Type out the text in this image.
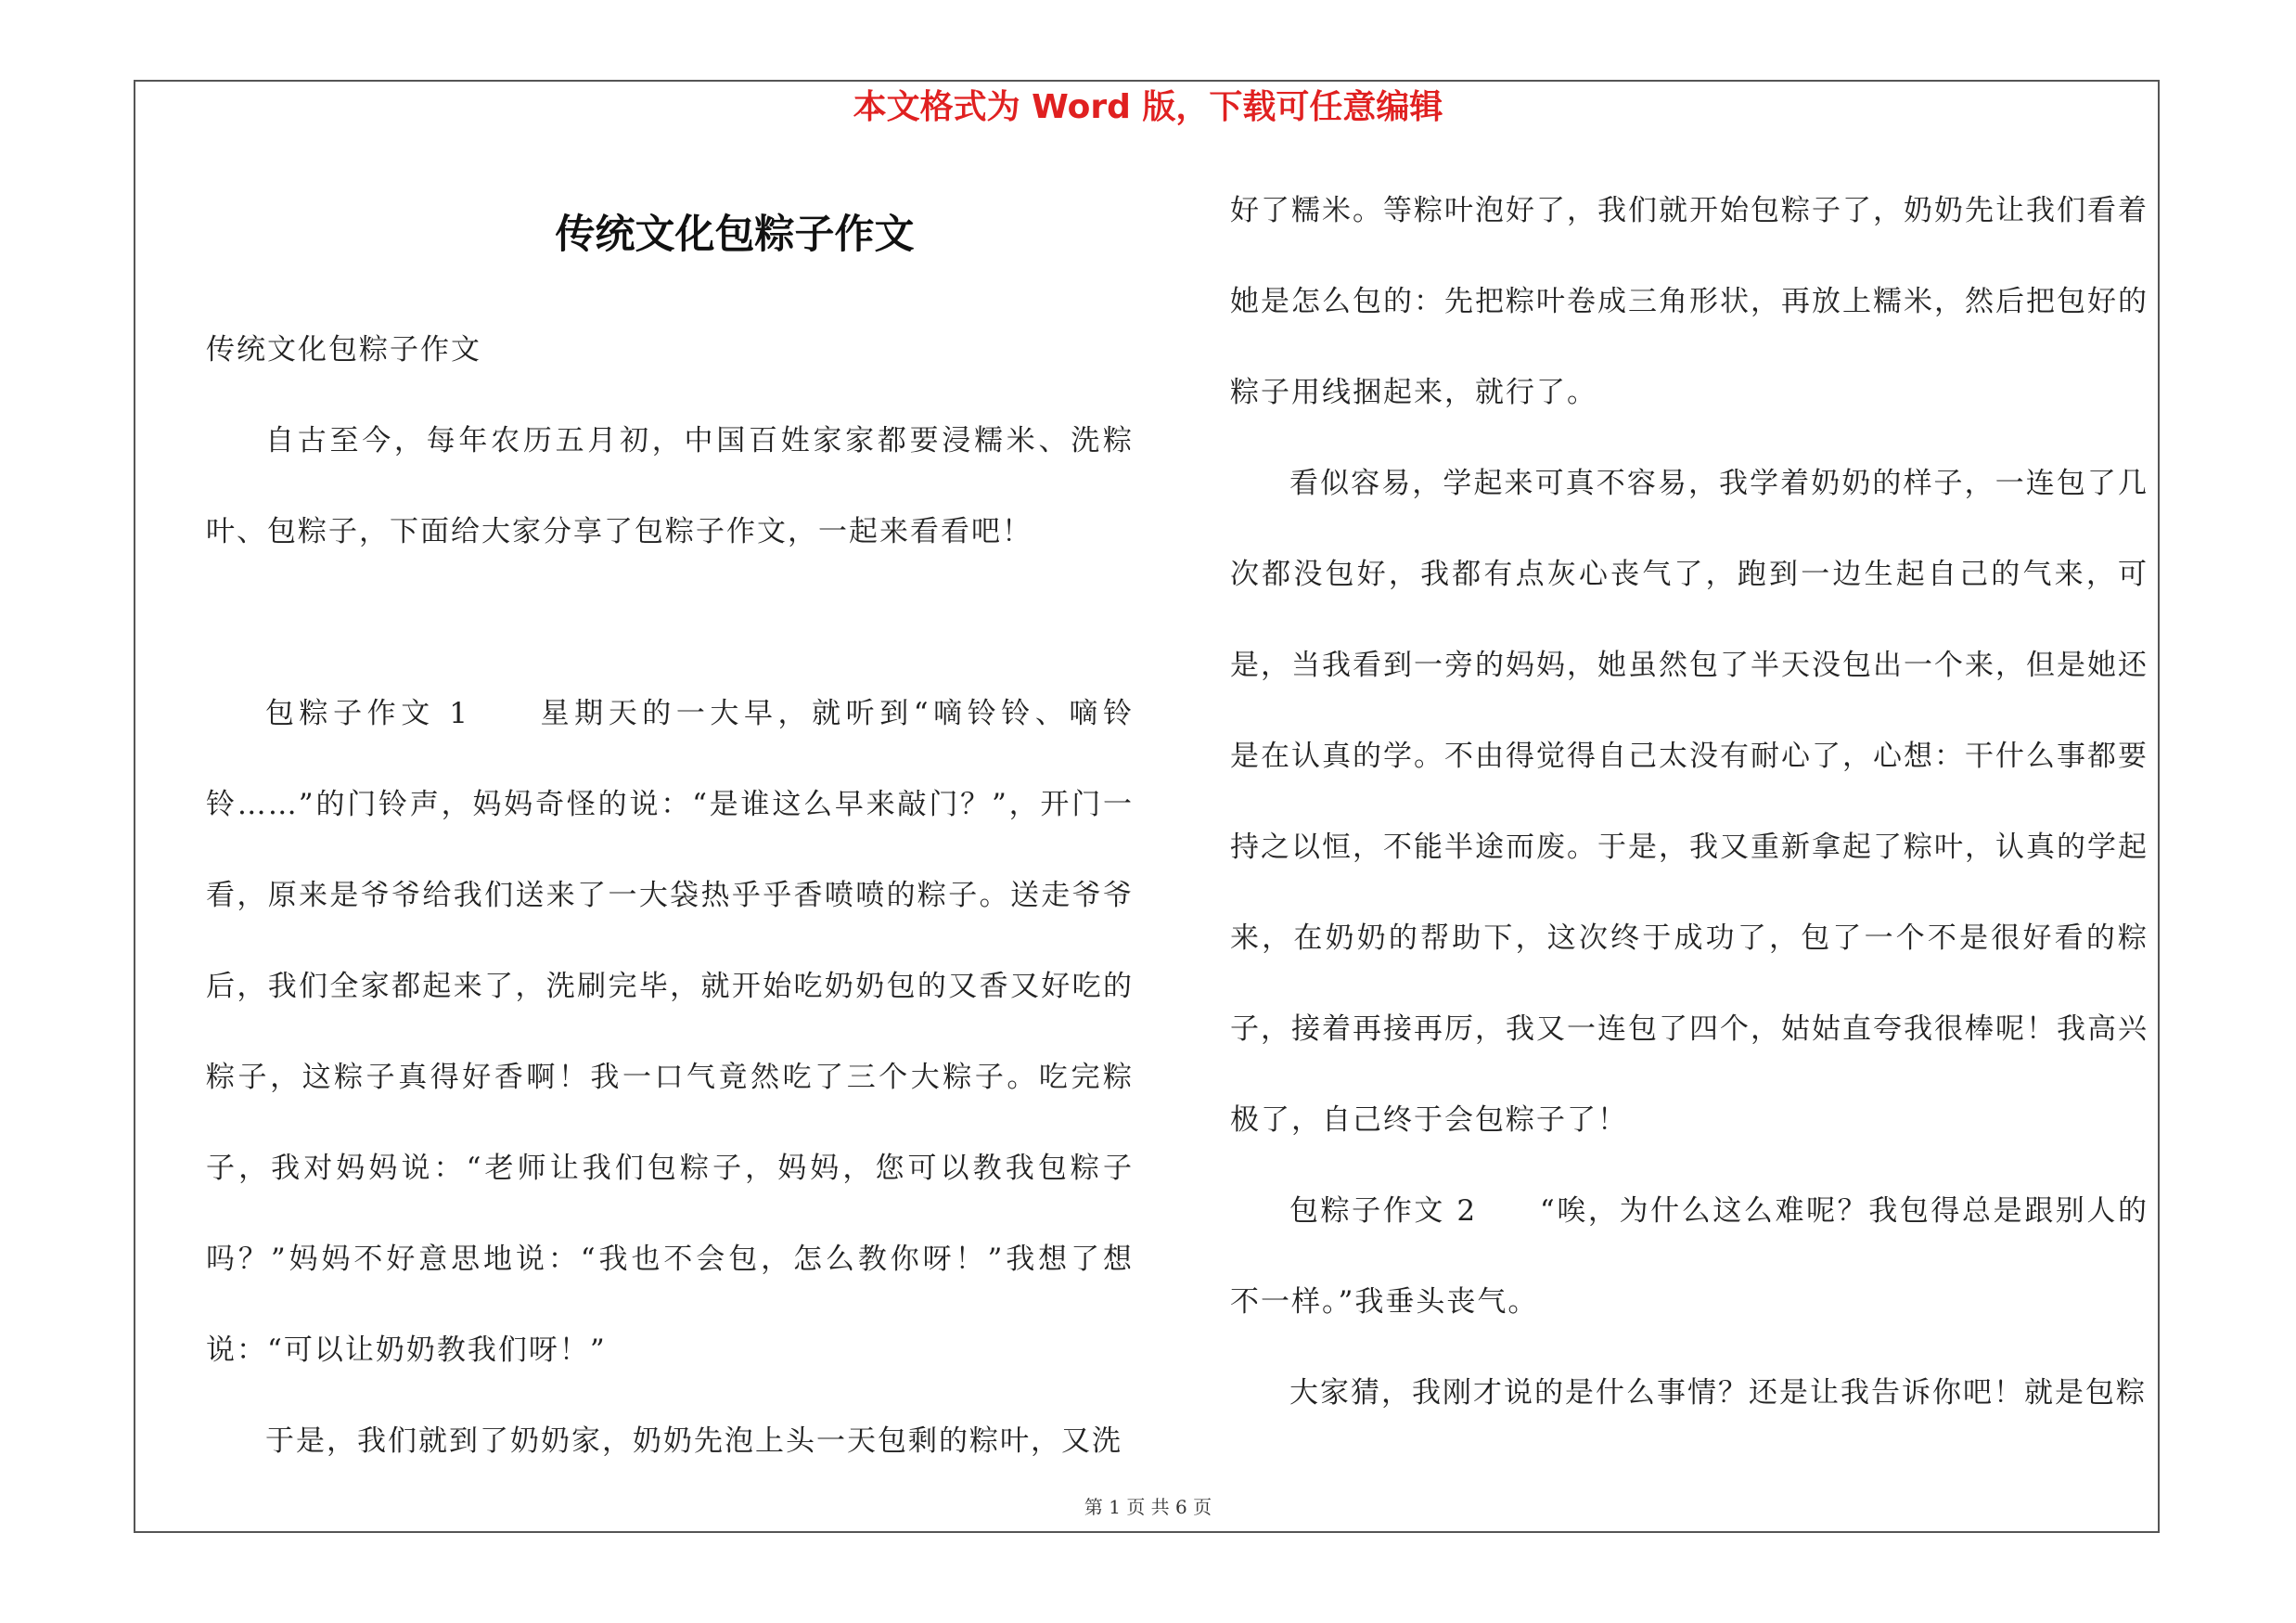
本文格式为 Word 版，下载可任意编辑
传统文化包粽子作文

传统文化包粽子作文

自古至今，每年农历五月初，中国百姓家家都要浸糯米、洗粽叶、包粽子，下面给大家分享了包粽子作文，一起来看看吧！

包粽子作文 1　　星期天的一大早，就听到“嘀铃铃、嘀铃铃……”的门铃声，妈妈奇怪的说：“是谁这么早来敲门？”，开门一看，原来是爷爷给我们送来了一大袋热乎乎香喷喷的粽子。送走爷爷后，我们全家都起来了，洗刷完毕，就开始吃奶奶包的又香又好吃的粽子，这粽子真得好香啊！我一口气竟然吃了三个大粽子。吃完粽子，我对妈妈说：“老师让我们包粽子，妈妈，您可以教我包粽子吗？”妈妈不好意思地说：“我也不会包，怎么教你呀！”我想了想说：“可以让奶奶教我们呀！”

于是，我们就到了奶奶家，奶奶先泡上头一天包剩的粽叶，又洗

好了糯米。等粽叶泡好了，我们就开始包粽子了，奶奶先让我们看着她是怎么包的：先把粽叶卷成三角形状，再放上糯米，然后把包好的粽子用线捆起来，就行了。

看似容易，学起来可真不容易，我学着奶奶的样子，一连包了几次都没包好，我都有点灰心丧气了，跑到一边生起自己的气来，可是，当我看到一旁的妈妈，她虽然包了半天没包出一个来，但是她还是在认真的学。不由得觉得自己太没有耐心了，心想：干什么事都要持之以恒，不能半途而废。于是，我又重新拿起了粽叶，认真的学起来，在奶奶的帮助下，这次终于成功了，包了一个不是很好看的粽子，接着再接再厉，我又一连包了四个，姑姑直夸我很棒呢！我高兴极了，自己终于会包粽子了！

包粽子作文 2　　“唉，为什么这么难呢？我包得总是跟别人的不一样。”我垂头丧气。

大家猜，我刚才说的是什么事情？还是让我告诉你吧！就是包粽

第 1 页 共 6 页
